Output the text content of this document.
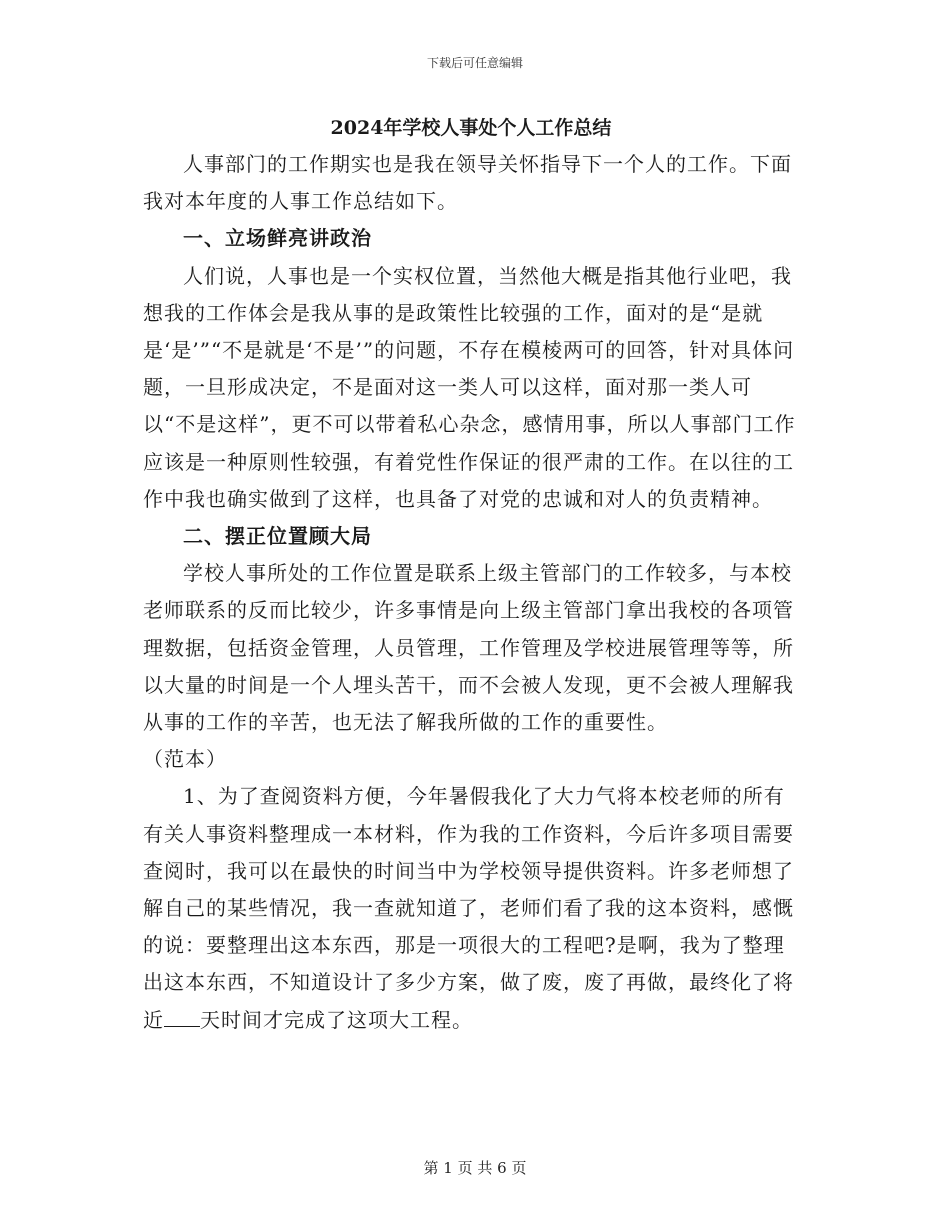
下载后可任意编辑
2024年学校人事处个人工作总结

人事部门的工作期实也是我在领导关怀指导下一个人的工作。下面我对本年度的人事工作总结如下。

一、立场鲜亮讲政治

人们说，人事也是一个实权位置，当然他大概是指其他行业吧，我想我的工作体会是我从事的是政策性比较强的工作，面对的是“是就是‘是’”“不是就是‘不是’”的问题，不存在模棱两可的回答，针对具体问题，一旦形成决定，不是面对这一类人可以这样，面对那一类人可以“不是这样”，更不可以带着私心杂念，感情用事，所以人事部门工作应该是一种原则性较强，有着党性作保证的很严肃的工作。在以往的工作中我也确实做到了这样，也具备了对党的忠诚和对人的负责精神。

二、摆正位置顾大局

学校人事所处的工作位置是联系上级主管部门的工作较多，与本校老师联系的反而比较少，许多事情是向上级主管部门拿出我校的各项管理数据，包括资金管理，人员管理，工作管理及学校进展管理等等，所以大量的时间是一个人埋头苦干，而不会被人发现，更不会被人理解我从事的工作的辛苦，也无法了解我所做的工作的重要性。

（范本）

1、为了查阅资料方便，今年暑假我化了大力气将本校老师的所有有关人事资料整理成一本材料，作为我的工作资料，今后许多项目需要查阅时，我可以在最快的时间当中为学校领导提供资料。许多老师想了解自己的某些情况，我一查就知道了，老师们看了我的这本资料，感慨的说：要整理出这本东西，那是一项很大的工程吧?是啊，我为了整理出这本东西，不知道设计了多少方案，做了废，废了再做，最终化了将近 天时间才完成了这项大工程。

第 1 页 共 6 页
